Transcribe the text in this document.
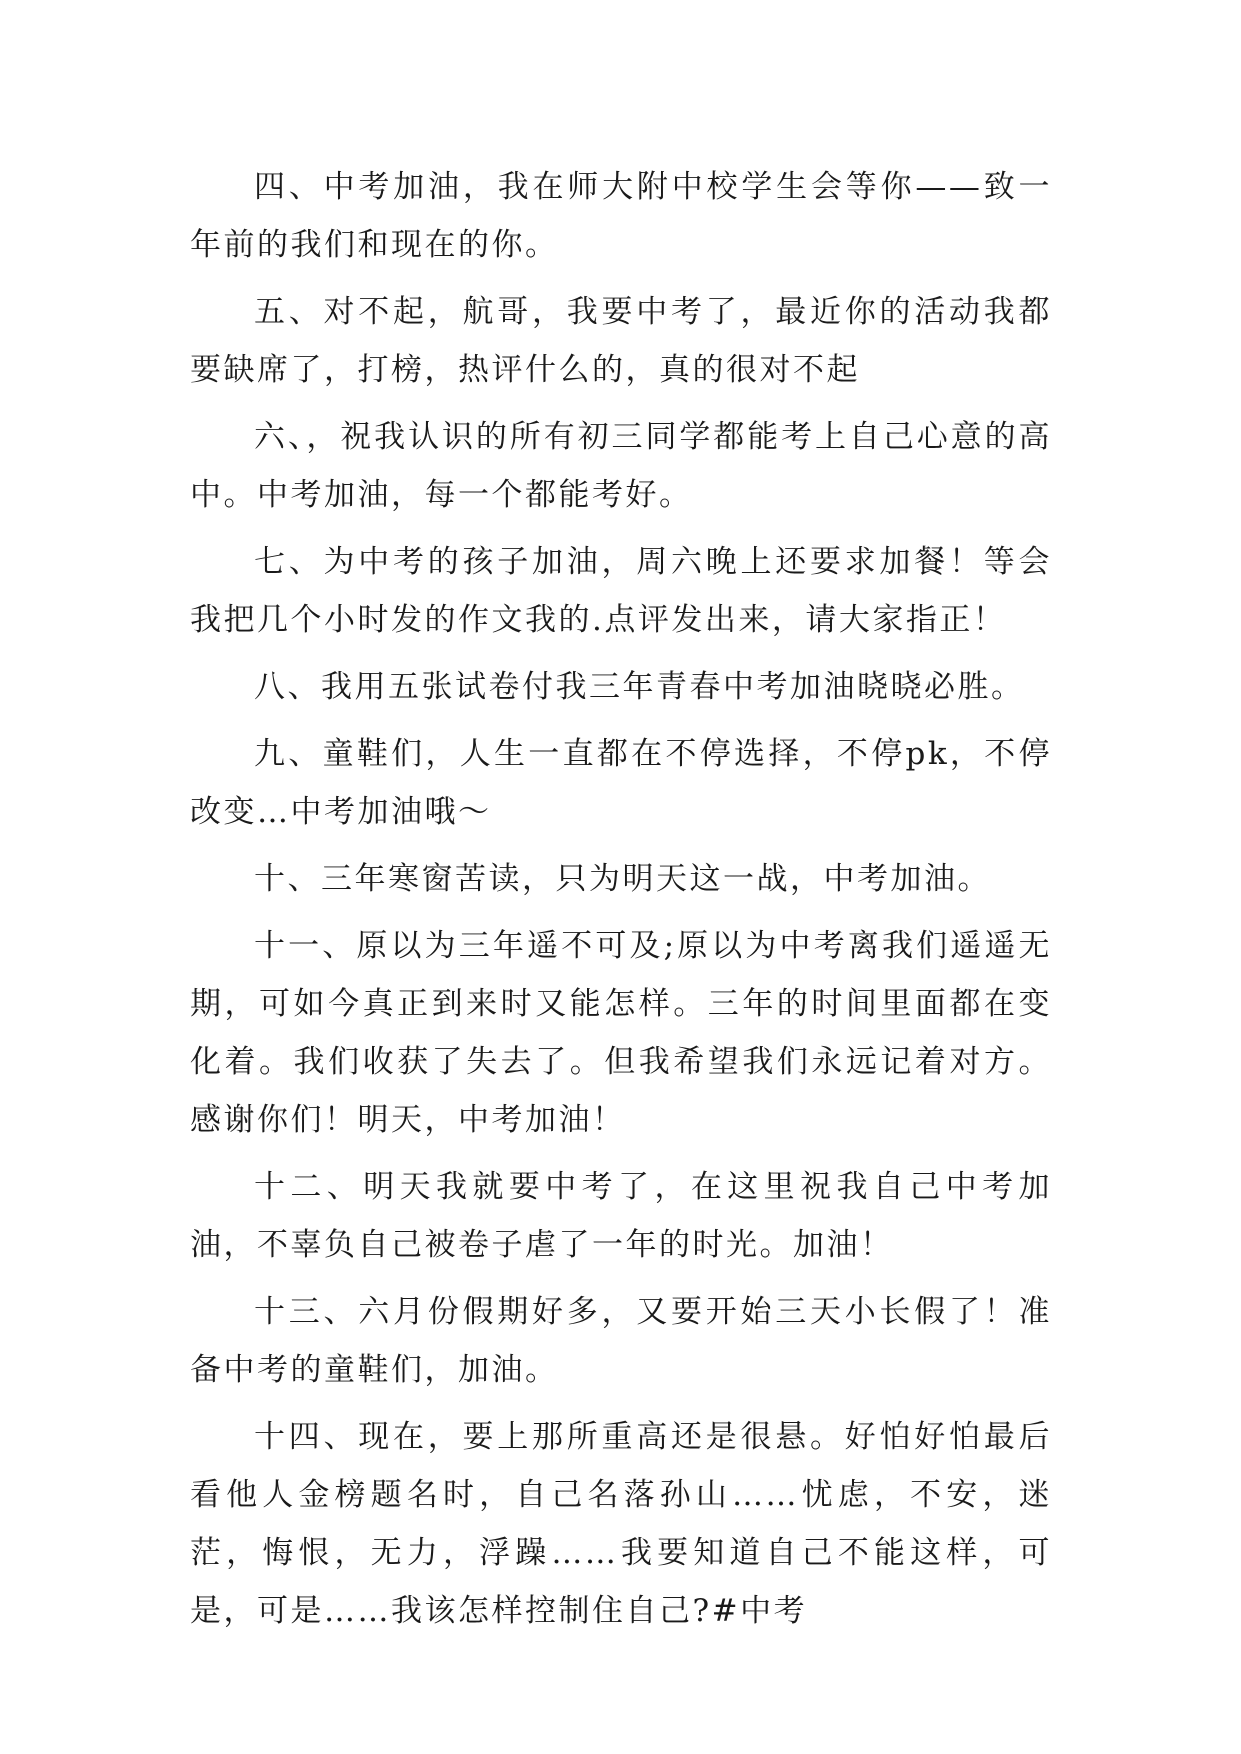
四、中考加油，我在师大附中校学生会等你——致一年前的我们和现在的你。

五、对不起，航哥，我要中考了，最近你的活动我都要缺席了，打榜，热评什么的，真的很对不起

六、，祝我认识的所有初三同学都能考上自己心意的高中。中考加油，每一个都能考好。

七、为中考的孩子加油，周六晚上还要求加餐！等会我把几个小时发的作文我的.点评发出来，请大家指正！

八、我用五张试卷付我三年青春中考加油晓晓必胜。

九、童鞋们，人生一直都在不停选择，不停pk，不停改变…中考加油哦～

十、三年寒窗苦读，只为明天这一战，中考加油。

十一、原以为三年遥不可及;原以为中考离我们遥遥无期，可如今真正到来时又能怎样。三年的时间里面都在变化着。我们收获了失去了。但我希望我们永远记着对方。感谢你们！明天，中考加油！

十二、明天我就要中考了，在这里祝我自己中考加油，不辜负自己被卷子虐了一年的时光。加油！

十三、六月份假期好多，又要开始三天小长假了！准备中考的童鞋们，加油。

十四、现在，要上那所重高还是很悬。好怕好怕最后看他人金榜题名时，自己名落孙山……忧虑，不安，迷茫，悔恨，无力，浮躁……我要知道自己不能这样，可是，可是……我该怎样控制住自己?#中考
